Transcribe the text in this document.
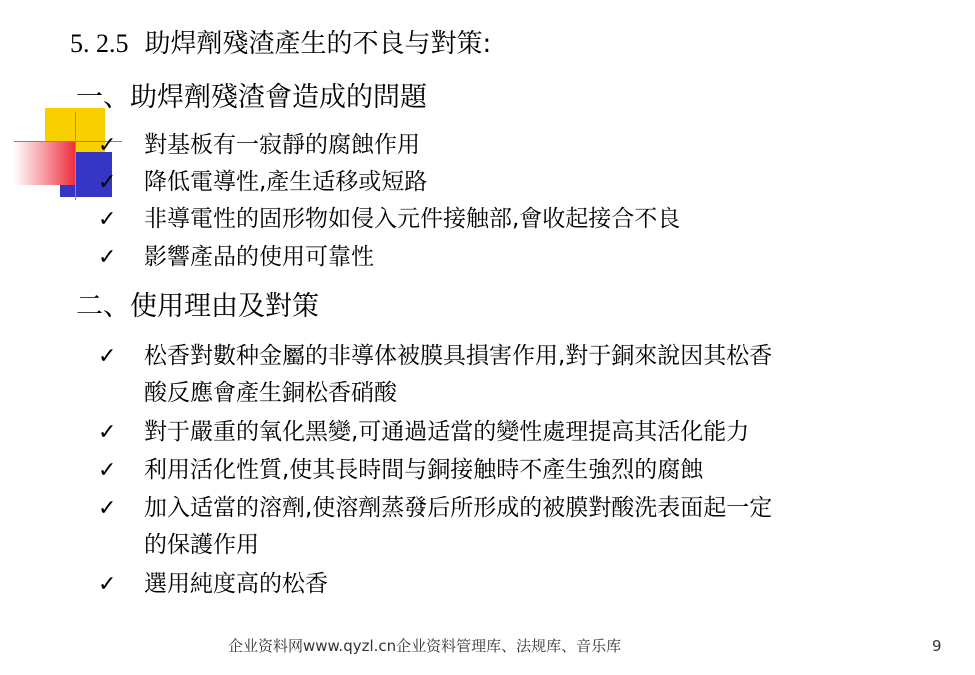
5. 2.5 助焊劑殘渣產生的不良与對策:
一、助焊劑殘渣會造成的問題
✓	對基板有一寂靜的腐蝕作用
✓	降低電導性,產生适移或短路
✓	非導電性的固形物如侵入元件接触部,會收起接合不良
✓	影響產品的使用可靠性
二、使用理由及對策
✓	松香對數种金屬的非導体被膜具損害作用,對于銅來說因其松香
酸反應會產生銅松香硝酸
✓	對于嚴重的氧化黑變,可通過适當的變性處理提高其活化能力
✓	利用活化性質,使其長時間与銅接触時不產生強烈的腐蝕
✓	加入适當的溶劑,使溶劑蒸發后所形成的被膜對酸洗表面起一定
的保護作用
✓	選用純度高的松香
企业资料网www.qyzl.cn企业资料管理库、法规库、音乐库	9
